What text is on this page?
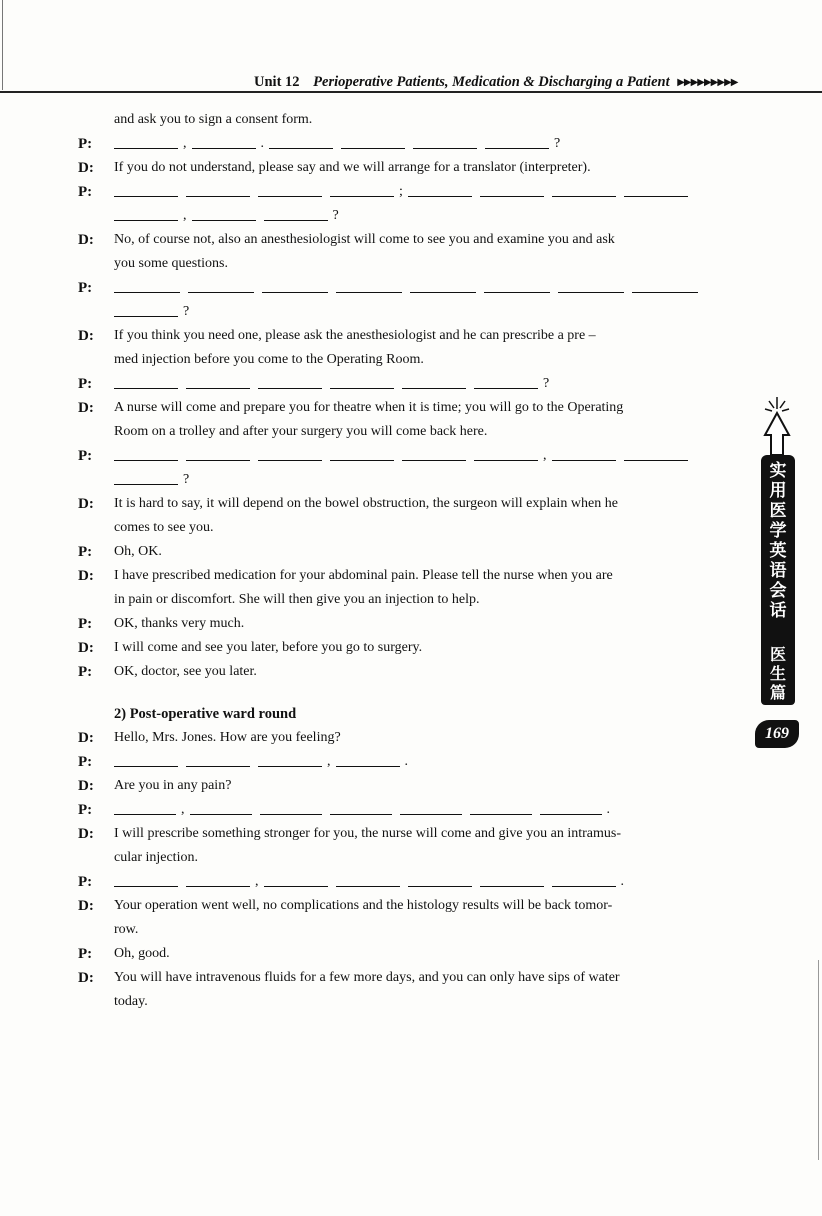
Unit 12 Perioperative Patients, Medication & Discharging a Patient ▶▶▶▶▶▶▶▶▶
and ask you to sign a consent form.
P:	,	.	?
D: If you do not understand, please say and we will arrange for a translator (interpreter).
P:	;
,	?
D: No, of course not, also an anesthesiologist will come to see you and examine you and ask
you some questions.
P:
?
D: If you think you need one, please ask the anesthesiologist and he can prescribe a pre –
med injection before you come to the Operating Room.
P:	?
D: A nurse will come and prepare you for theatre when it is time; you will go to the Operating
Room on a trolley and after your surgery you will come back here.
P:	,
?
D: It is hard to say, it will depend on the bowel obstruction, the surgeon will explain when he
comes to see you.
P: Oh, OK.
D: I have prescribed medication for your abdominal pain. Please tell the nurse when you are
in pain or discomfort. She will then give you an injection to help.
P: OK, thanks very much.
D: I will come and see you later, before you go to surgery.
P: OK, doctor, see you later.
2) Post-operative ward round
D: Hello, Mrs. Jones. How are you feeling?
P:	,	.
D: Are you in any pain?
P:	,	.
D: I will prescribe something stronger for you, the nurse will come and give you an intramus-
cular injection.
P:	,	.
D: Your operation went well, no complications and the histology results will be back tomor-
row.
P: Oh, good.
D: You will have intravenous fluids for a few more days, and you can only have sips of water
today.
实用医学英语会话
医生篇
169
